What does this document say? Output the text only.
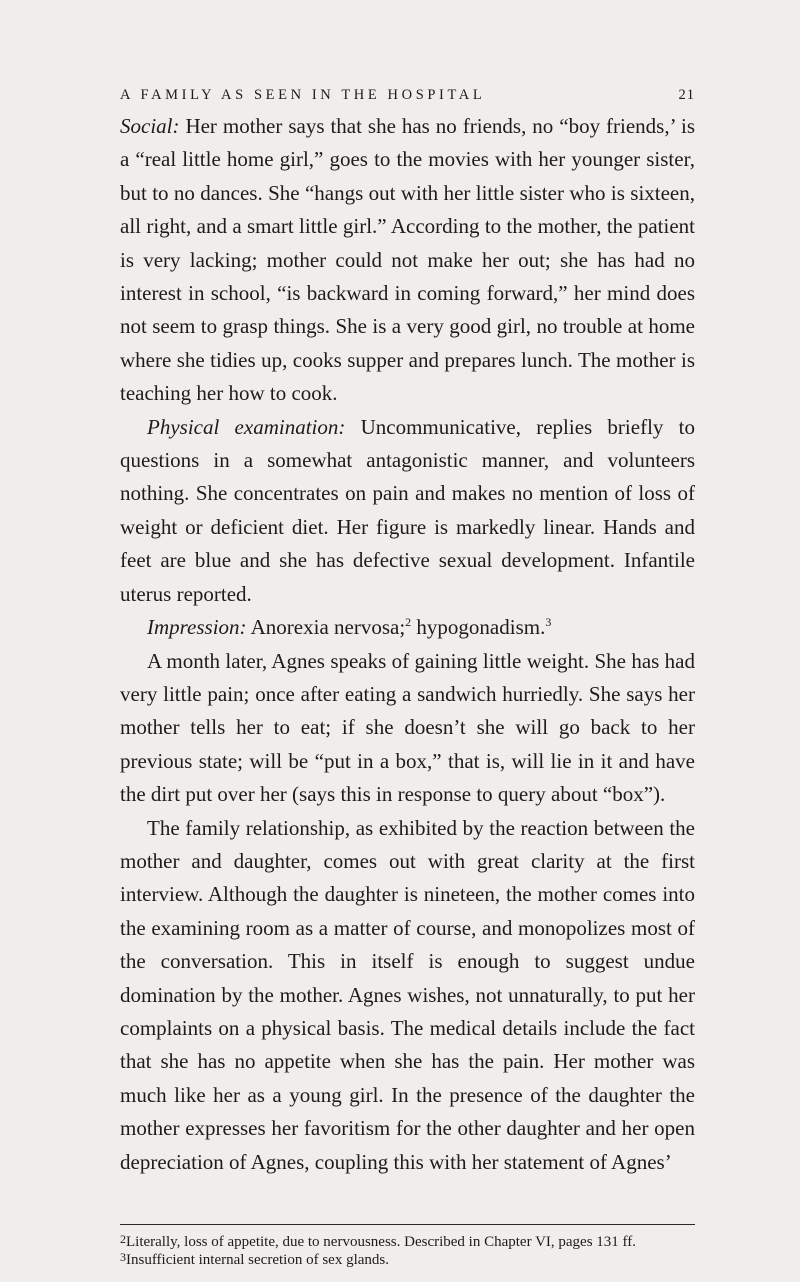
A FAMILY AS SEEN IN THE HOSPITAL	21

Social: Her mother says that she has no friends, no “boy friends,’ is a “real little home girl,” goes to the movies with her younger sister, but to no dances. She “hangs out with her little sister who is sixteen, all right, and a smart little girl.” According to the mother, the patient is very lacking; mother could not make her out; she has had no interest in school, “is backward in coming forward,” her mind does not seem to grasp things. She is a very good girl, no trouble at home where she tidies up, cooks supper and prepares lunch. The mother is teaching her how to cook.

Physical examination: Uncommunicative, replies briefly to questions in a somewhat antagonistic manner, and volunteers nothing. She concentrates on pain and makes no mention of loss of weight or deficient diet. Her figure is markedly linear. Hands and feet are blue and she has defective sexual development. Infantile uterus reported.

Impression: Anorexia nervosa;$^2$ hypogonadism.$^3$

A month later, Agnes speaks of gaining little weight. She has had very little pain; once after eating a sandwich hurriedly. She says her mother tells her to eat; if she doesn’t she will go back to her previous state; will be “put in a box,” that is, will lie in it and have the dirt put over her (says this in response to query about “box”).

The family relationship, as exhibited by the reaction between the mother and daughter, comes out with great clarity at the first interview. Although the daughter is nineteen, the mother comes into the examining room as a matter of course, and monopolizes most of the conversation. This in itself is enough to suggest undue domination by the mother. Agnes wishes, not unnaturally, to put her complaints on a physical basis. The medical details include the fact that she has no appetite when she has the pain. Her mother was much like her as a young girl. In the presence of the daughter the mother expresses her favoritism for the other daughter and her open depreciation of Agnes, coupling this with her statement of Agnes’

$^2$Literally, loss of appetite, due to nervousness. Described in Chapter VI, pages 131 ff.

$^3$Insufficient internal secretion of sex glands.
